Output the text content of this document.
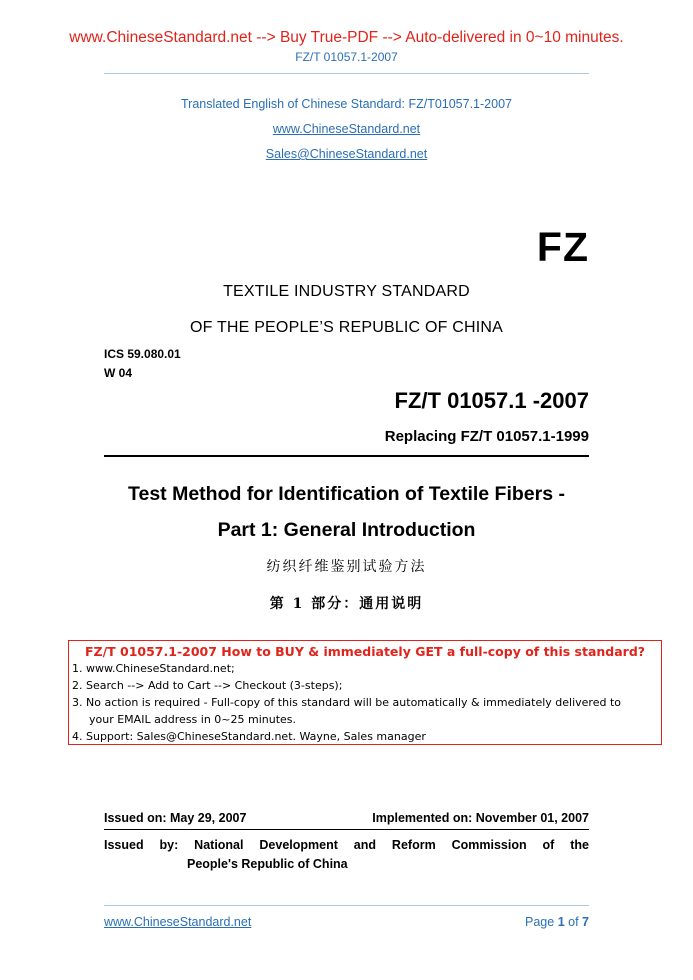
www.ChineseStandard.net --> Buy True-PDF --> Auto-delivered in 0~10 minutes.
FZ/T 01057.1-2007
Translated English of Chinese Standard: FZ/T01057.1-2007
www.ChineseStandard.net
Sales@ChineseStandard.net
FZ
TEXTILE INDUSTRY STANDARD
OF THE PEOPLE’S REPUBLIC OF CHINA
ICS 59.080.01
W 04
FZ/T 01057.1 -2007
Replacing FZ/T 01057.1-1999
Test Method for Identification of Textile Fibers -
Part 1: General Introduction
纺织纤维鉴别试验方法
第 1 部分：通用说明
FZ/T 01057.1-2007 How to BUY & immediately GET a full-copy of this standard?
1. www.ChineseStandard.net;
2. Search --> Add to Cart --> Checkout (3-steps);
3. No action is required - Full-copy of this standard will be automatically & immediately delivered to
your EMAIL address in 0~25 minutes.
4. Support: Sales@ChineseStandard.net. Wayne, Sales manager
Issued on: May 29, 2007	Implemented on: November 01, 2007
Issued by: National Development and Reform Commission of the
People's Republic of China
www.ChineseStandard.net	Page 1 of 7
